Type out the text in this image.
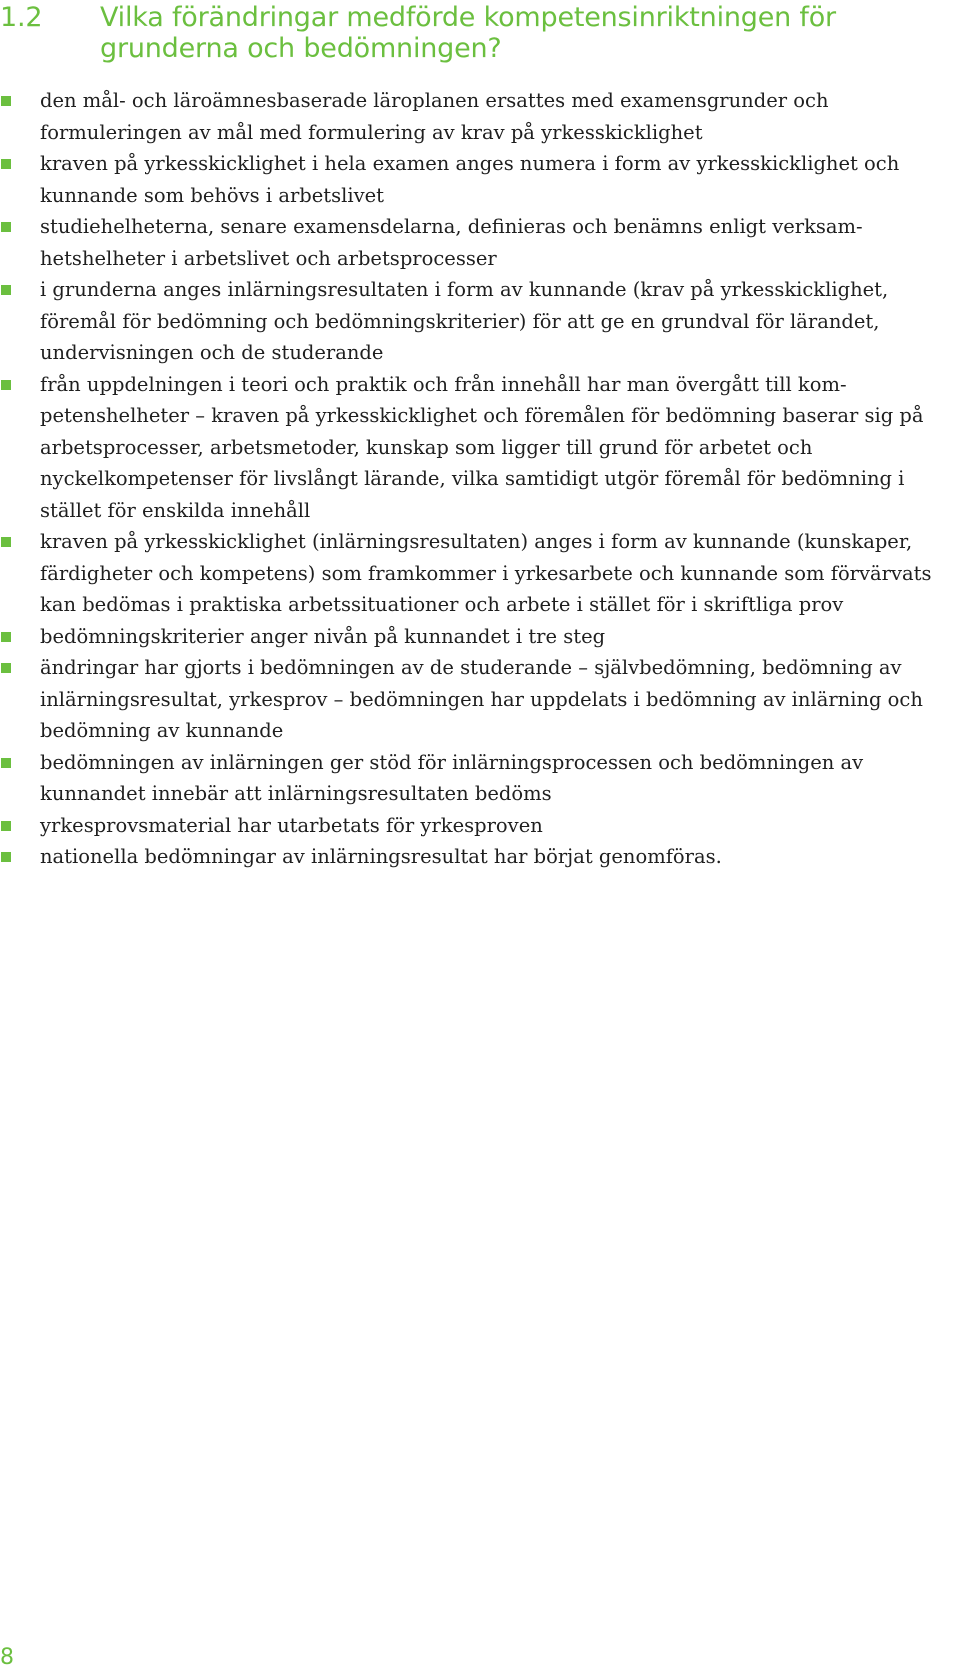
1.2 Vilka förändringar medförde kompetensinriktningen för grunderna och bedömningen?
den mål- och läroämnesbaserade läroplanen ersattes med examensgrunder och formuleringen av mål med formulering av krav på yrkesskicklighet
kraven på yrkesskicklighet i hela examen anges numera i form av yrkesskicklighet och kunnande som behövs i arbetslivet
studiehelheterna, senare examensdelarna, definieras och benämns enligt verksamhetshelheter i arbetslivet och arbetsprocesser
i grunderna anges inlärningsresultaten i form av kunnande (krav på yrkesskicklighet, föremål för bedömning och bedömningskriterier) för att ge en grundval för lärandet, undervisningen och de studerande
från uppdelningen i teori och praktik och från innehåll har man övergått till kompetenshelheter – kraven på yrkesskicklighet och föremålen för bedömning baserar sig på arbetsprocesser, arbetsmetoder, kunskap som ligger till grund för arbetet och nyckelkompetenser för livslångt lärande, vilka samtidigt utgör föremål för bedömning i stället för enskilda innehåll
kraven på yrkesskicklighet (inlärningsresultaten) anges i form av kunnande (kunskaper, färdigheter och kompetens) som framkommer i yrkesarbete och kunnande som förvärvats kan bedömas i praktiska arbetssituationer och arbete i stället för i skriftliga prov
bedömningskriterier anger nivån på kunnandet i tre steg
ändringar har gjorts i bedömningen av de studerande – självbedömning, bedömning av inlärningsresultat, yrkesprov – bedömningen har uppdelats i bedömning av inlärning och bedömning av kunnande
bedömningen av inlärningen ger stöd för inlärningsprocessen och bedömningen av kunnandet innebär att inlärningsresultaten bedöms
yrkesprovsmaterial har utarbetats för yrkesproven
nationella bedömningar av inlärningsresultat har börjat genomföras.
8
